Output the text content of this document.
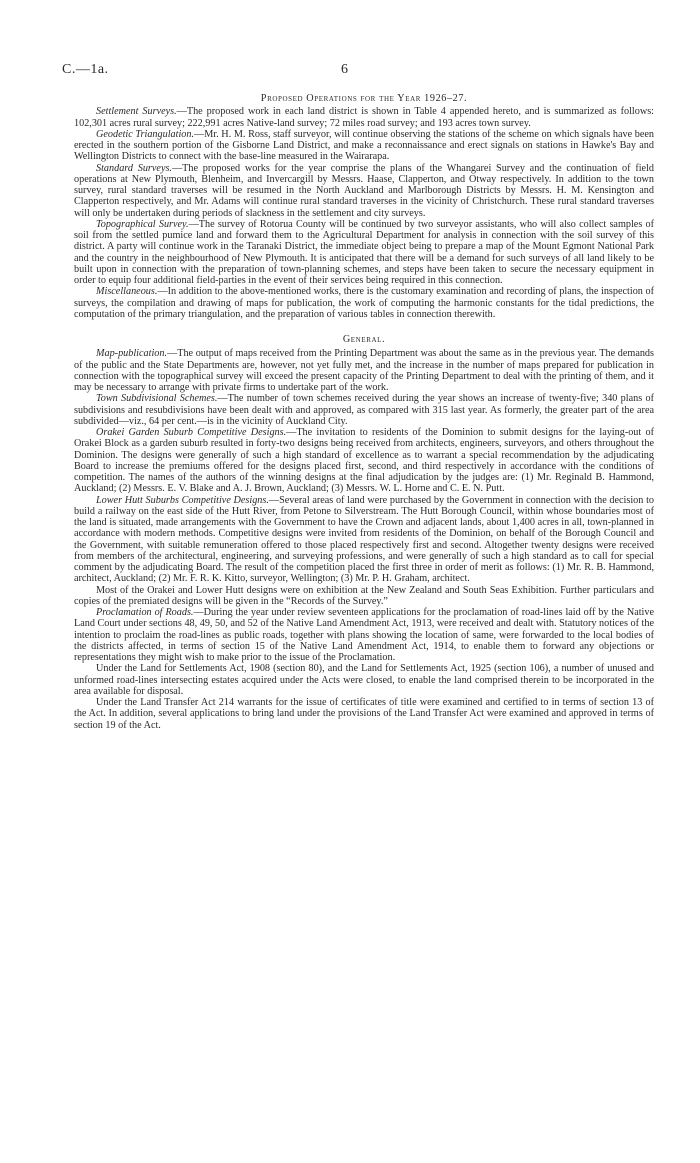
C.—1a.	6
Proposed Operations for the Year 1926–27.

Settlement Surveys.—The proposed work in each land district is shown in Table 4 appended hereto, and is summarized as follows: 102,301 acres rural survey; 222,991 acres Native-land survey; 72 miles road survey; and 193 acres town survey.

Geodetic Triangulation.—Mr. H. M. Ross, staff surveyor, will continue observing the stations of the scheme on which signals have been erected in the southern portion of the Gisborne Land District, and make a reconnaissance and erect signals on stations in Hawke's Bay and Wellington Districts to connect with the base-line measured in the Wairarapa.

Standard Surveys.—The proposed works for the year comprise the plans of the Whangarei Survey and the continuation of field operations at New Plymouth, Blenheim, and Invercargill by Messrs. Haase, Clapperton, and Otway respectively. In addition to the town survey, rural standard traverses will be resumed in the North Auckland and Marlborough Districts by Messrs. H. M. Kensington and Clapperton respectively, and Mr. Adams will continue rural standard traverses in the vicinity of Christchurch. These rural standard traverses will only be undertaken during periods of slackness in the settlement and city surveys.

Topographical Survey.—The survey of Rotorua County will be continued by two surveyor assistants, who will also collect samples of soil from the settled pumice land and forward them to the Agricultural Department for analysis in connection with the soil survey of this district. A party will continue work in the Taranaki District, the immediate object being to prepare a map of the Mount Egmont National Park and the country in the neighbourhood of New Plymouth. It is anticipated that there will be a demand for such surveys of all land likely to be built upon in connection with the preparation of town-planning schemes, and steps have been taken to secure the necessary equipment in order to equip four additional field-parties in the event of their services being required in this connection.

Miscellaneous.—In addition to the above-mentioned works, there is the customary examination and recording of plans, the inspection of surveys, the compilation and drawing of maps for publication, the work of computing the harmonic constants for the tidal predictions, the computation of the primary triangulation, and the preparation of various tables in connection therewith.

General.

Map-publication.—The output of maps received from the Printing Department was about the same as in the previous year. The demands of the public and the State Departments are, however, not yet fully met, and the increase in the number of maps prepared for publication in connection with the topographical survey will exceed the present capacity of the Printing Department to deal with the printing of them, and it may be necessary to arrange with private firms to undertake part of the work.

Town Subdivisional Schemes.—The number of town schemes received during the year shows an increase of twenty-five; 340 plans of subdivisions and resubdivisions have been dealt with and approved, as compared with 315 last year. As formerly, the greater part of the area subdivided—viz., 64 per cent.—is in the vicinity of Auckland City.

Orakei Garden Suburb Competitive Designs.—The invitation to residents of the Dominion to submit designs for the laying-out of Orakei Block as a garden suburb resulted in forty-two designs being received from architects, engineers, surveyors, and others throughout the Dominion. The designs were generally of such a high standard of excellence as to warrant a special recommendation by the adjudicating Board to increase the premiums offered for the designs placed first, second, and third respectively in accordance with the conditions of competition. The names of the authors of the winning designs at the final adjudication by the judges are: (1) Mr. Reginald B. Hammond, Auckland; (2) Messrs. E. V. Blake and A. J. Brown, Auckland; (3) Messrs. W. L. Horne and C. E. N. Putt.

Lower Hutt Suburbs Competitive Designs.—Several areas of land were purchased by the Government in connection with the decision to build a railway on the east side of the Hutt River, from Petone to Silverstream. The Hutt Borough Council, within whose boundaries most of the land is situated, made arrangements with the Government to have the Crown and adjacent lands, about 1,400 acres in all, town-planned in accordance with modern methods. Competitive designs were invited from residents of the Dominion, on behalf of the Borough Council and the Government, with suitable remuneration offered to those placed respectively first and second. Altogether twenty designs were received from members of the architectural, engineering, and surveying professions, and were generally of such a high standard as to call for special comment by the adjudicating Board. The result of the competition placed the first three in order of merit as follows: (1) Mr. R. B. Hammond, architect, Auckland; (2) Mr. F. R. K. Kitto, surveyor, Wellington; (3) Mr. P. H. Graham, architect.

Most of the Orakei and Lower Hutt designs were on exhibition at the New Zealand and South Seas Exhibition. Further particulars and copies of the premiated designs will be given in the “Records of the Survey.”

Proclamation of Roads.—During the year under review seventeen applications for the proclamation of road-lines laid off by the Native Land Court under sections 48, 49, 50, and 52 of the Native Land Amendment Act, 1913, were received and dealt with. Statutory notices of the intention to proclaim the road-lines as public roads, together with plans showing the location of same, were forwarded to the local bodies of the districts affected, in terms of section 15 of the Native Land Amendment Act, 1914, to enable them to forward any objections or representations they might wish to make prior to the issue of the Proclamation.

Under the Land for Settlements Act, 1908 (section 80), and the Land for Settlements Act, 1925 (section 106), a number of unused and unformed road-lines intersecting estates acquired under the Acts were closed, to enable the land comprised therein to be incorporated in the area available for disposal.

Under the Land Transfer Act 214 warrants for the issue of certificates of title were examined and certified to in terms of section 13 of the Act. In addition, several applications to bring land under the provisions of the Land Transfer Act were examined and approved in terms of section 19 of the Act.
